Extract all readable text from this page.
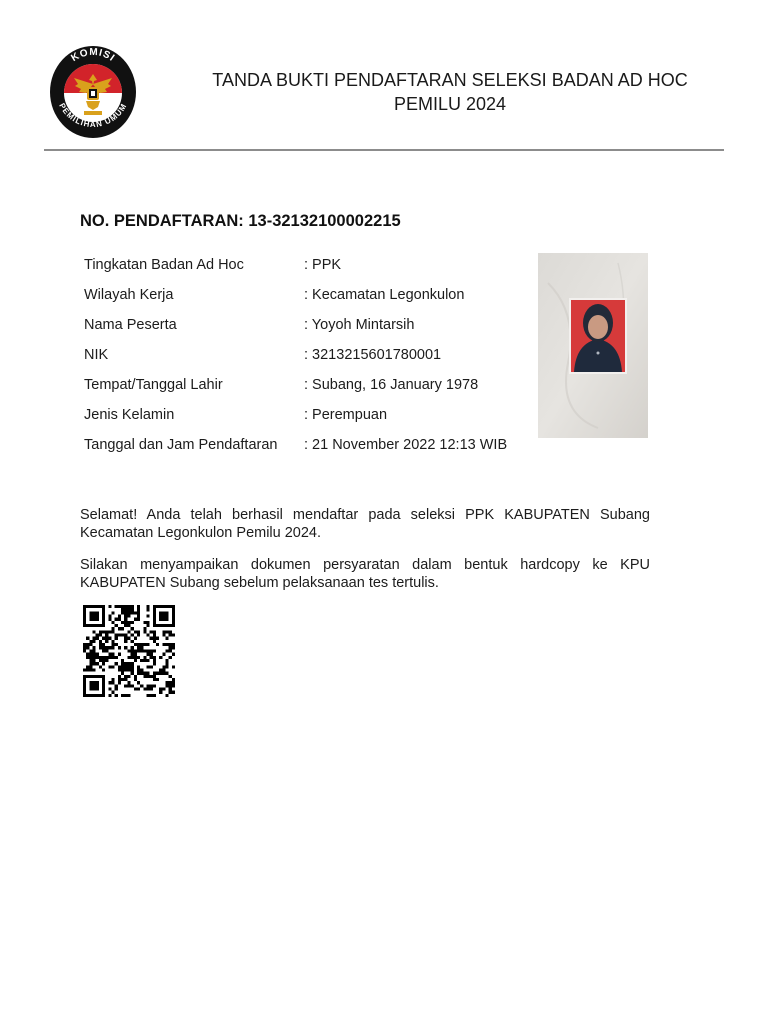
KOMISI
PEMILIHAN UMUM
TANDA BUKTI PENDAFTARAN SELEKSI BADAN AD HOC
PEMILU 2024
NO. PENDAFTARAN: 13-32132100002215
Tingkatan Badan Ad Hoc	: PPK
Wilayah Kerja	: Kecamatan Legonkulon
Nama Peserta	: Yoyoh Mintarsih
NIK	: 3213215601780001
Tempat/Tanggal Lahir	: Subang, 16 January 1978
Jenis Kelamin	: Perempuan
Tanggal dan Jam Pendaftaran : 21 November 2022 12:13 WIB

Selamat! Anda telah berhasil mendaftar pada seleksi PPK KABUPATEN Subang Kecamatan Legonkulon Pemilu 2024.

Silakan menyampaikan dokumen persyaratan dalam bentuk hardcopy ke KPU KABUPATEN Subang sebelum pelaksanaan tes tertulis.
